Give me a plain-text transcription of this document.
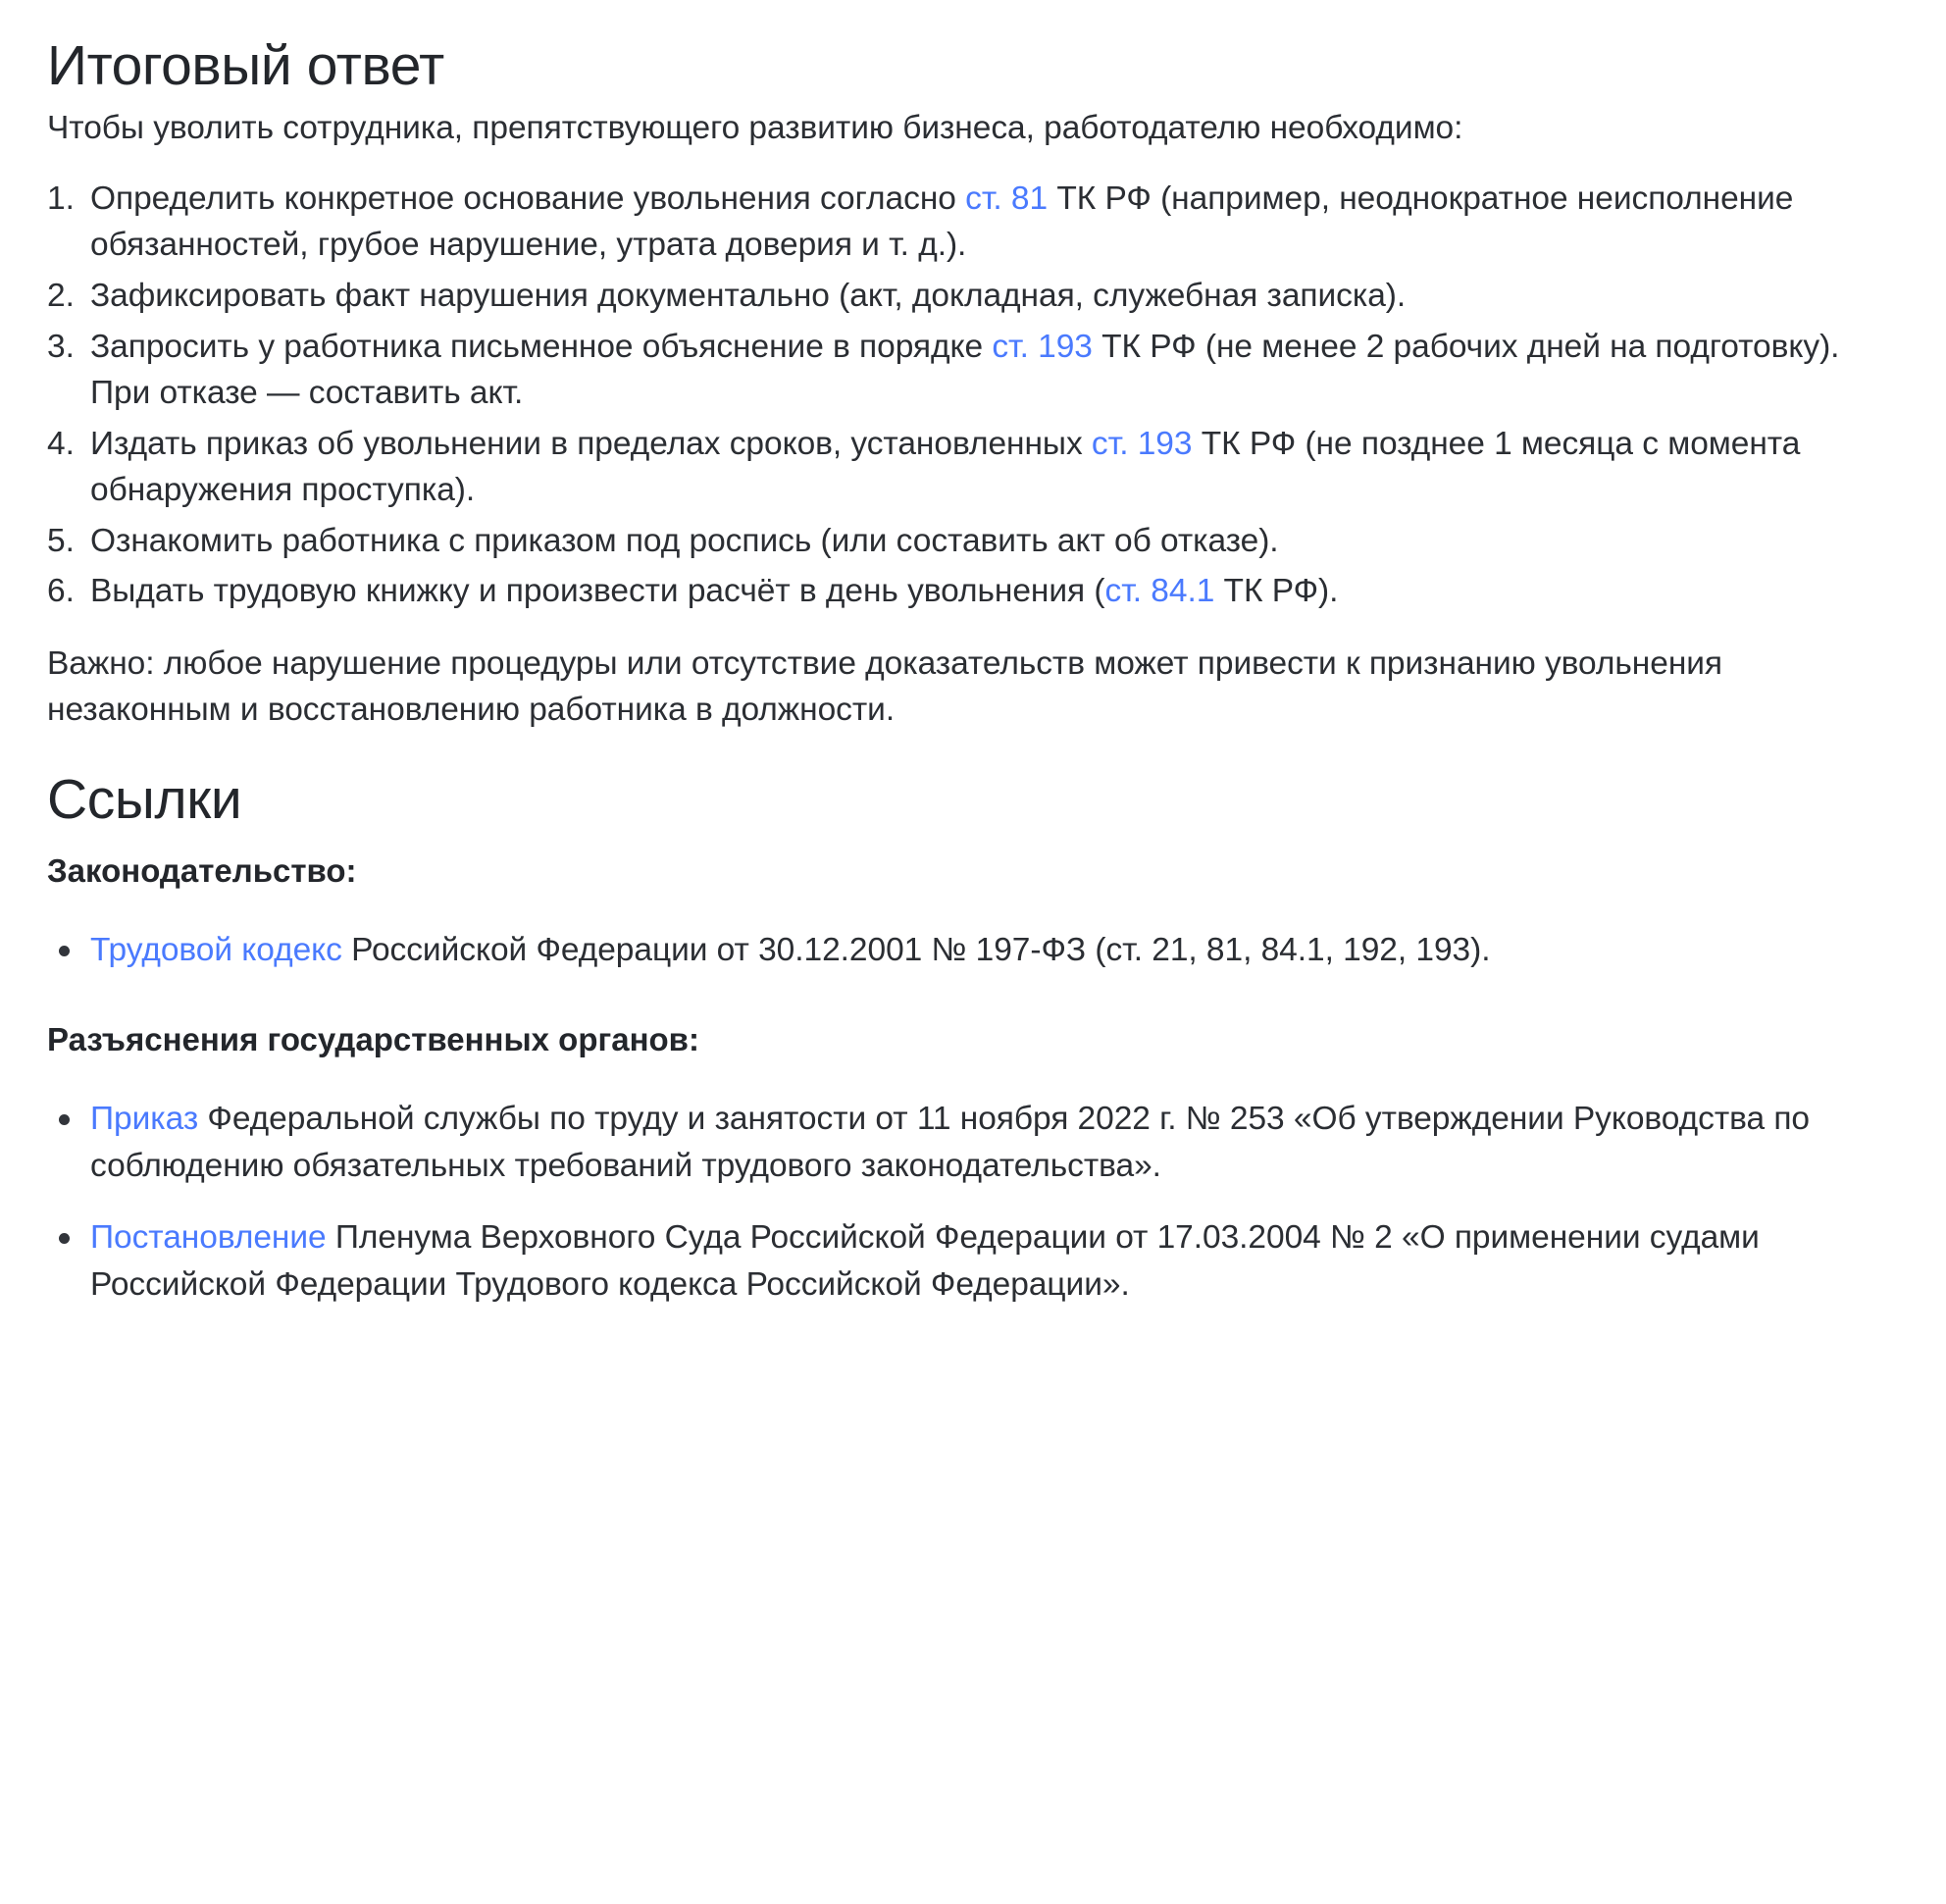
Итоговый ответ

Чтобы уволить сотрудника, препятствующего развитию бизнеса, работодателю необходимо:

Определить конкретное основание увольнения согласно ст. 81 ТК РФ (например, неоднократное неисполнение обязанностей, грубое нарушение, утрата доверия и т. д.).
Зафиксировать факт нарушения документально (акт, докладная, служебная записка).
Запросить у работника письменное объяснение в порядке ст. 193 ТК РФ (не менее 2 рабочих дней на подготовку). При отказе — составить акт.
Издать приказ об увольнении в пределах сроков, установленных ст. 193 ТК РФ (не позднее 1 месяца с момента обнаружения проступка).
Ознакомить работника с приказом под роспись (или составить акт об отказе).
Выдать трудовую книжку и произвести расчёт в день увольнения (ст. 84.1 ТК РФ).

Важно: любое нарушение процедуры или отсутствие доказательств может привести к признанию увольнения незаконным и восстановлению работника в должности.

Ссылки
Законодательство:
Трудовой кодекс Российской Федерации от 30.12.2001 № 197-ФЗ (ст. 21, 81, 84.1, 192, 193).
Разъяснения государственных органов:
Приказ Федеральной службы по труду и занятости от 11 ноября 2022 г. № 253 «Об утверждении Руководства по соблюдению обязательных требований трудового законодательства».
Постановление Пленума Верховного Суда Российской Федерации от 17.03.2004 № 2 «О применении судами Российской Федерации Трудового кодекса Российской Федерации».
